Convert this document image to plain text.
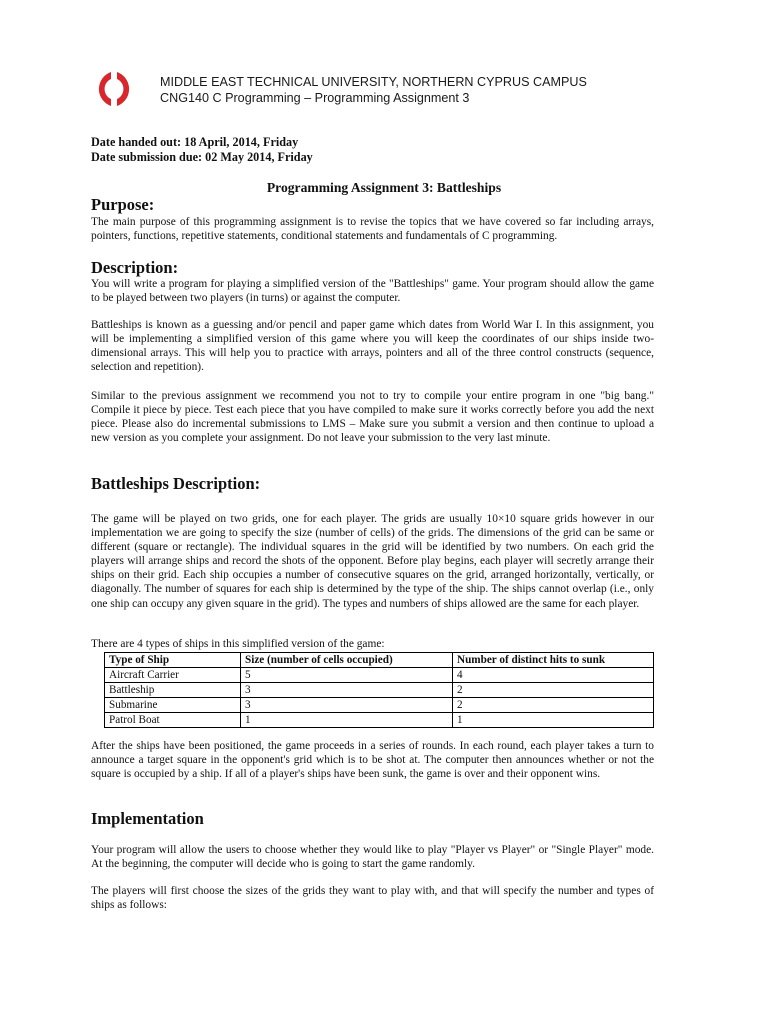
MIDDLE EAST TECHNICAL UNIVERSITY, NORTHERN CYPRUS CAMPUS
CNG140 C Programming – Programming Assignment 3
Date handed out: 18 April, 2014, Friday
Date submission due: 02 May 2014, Friday
Programming Assignment 3: Battleships
Purpose:

The main purpose of this programming assignment is to revise the topics that we have covered so far including arrays, pointers, functions, repetitive statements, conditional statements and fundamentals of C programming.

Description:

You will write a program for playing a simplified version of the "Battleships" game. Your program should allow the game to be played between two players (in turns) or against the computer.

Battleships is known as a guessing and/or pencil and paper game which dates from World War I. In this assignment, you will be implementing a simplified version of this game where you will keep the coordinates of our ships inside two-dimensional arrays. This will help you to practice with arrays, pointers and all of the three control constructs (sequence, selection and repetition).

Similar to the previous assignment we recommend you not to try to compile your entire program in one "big bang." Compile it piece by piece. Test each piece that you have compiled to make sure it works correctly before you add the next piece. Please also do incremental submissions to LMS – Make sure you submit a version and then continue to upload a new version as you complete your assignment. Do not leave your submission to the very last minute.

Battleships Description:

The game will be played on two grids, one for each player. The grids are usually 10×10 square grids however in our implementation we are going to specify the size (number of cells) of the grids. The dimensions of the grid can be same or different (square or rectangle). The individual squares in the grid will be identified by two numbers. On each grid the players will arrange ships and record the shots of the opponent. Before play begins, each player will secretly arrange their ships on their grid. Each ship occupies a number of consecutive squares on the grid, arranged horizontally, vertically, or diagonally. The number of squares for each ship is determined by the type of the ship. The ships cannot overlap (i.e., only one ship can occupy any given square in the grid). The types and numbers of ships allowed are the same for each player.

There are 4 types of ships in this simplified version of the game:

Type of Ship	Size (number of cells occupied)	Number of distinct hits to sunk
Aircraft Carrier	5	4
Battleship	3	2
Submarine	3	2
Patrol Boat	1	1

After the ships have been positioned, the game proceeds in a series of rounds. In each round, each player takes a turn to announce a target square in the opponent's grid which is to be shot at. The computer then announces whether or not the square is occupied by a ship. If all of a player's ships have been sunk, the game is over and their opponent wins.

Implementation

Your program will allow the users to choose whether they would like to play "Player vs Player" or "Single Player" mode. At the beginning, the computer will decide who is going to start the game randomly.

The players will first choose the sizes of the grids they want to play with, and that will specify the number and types of ships as follows:
